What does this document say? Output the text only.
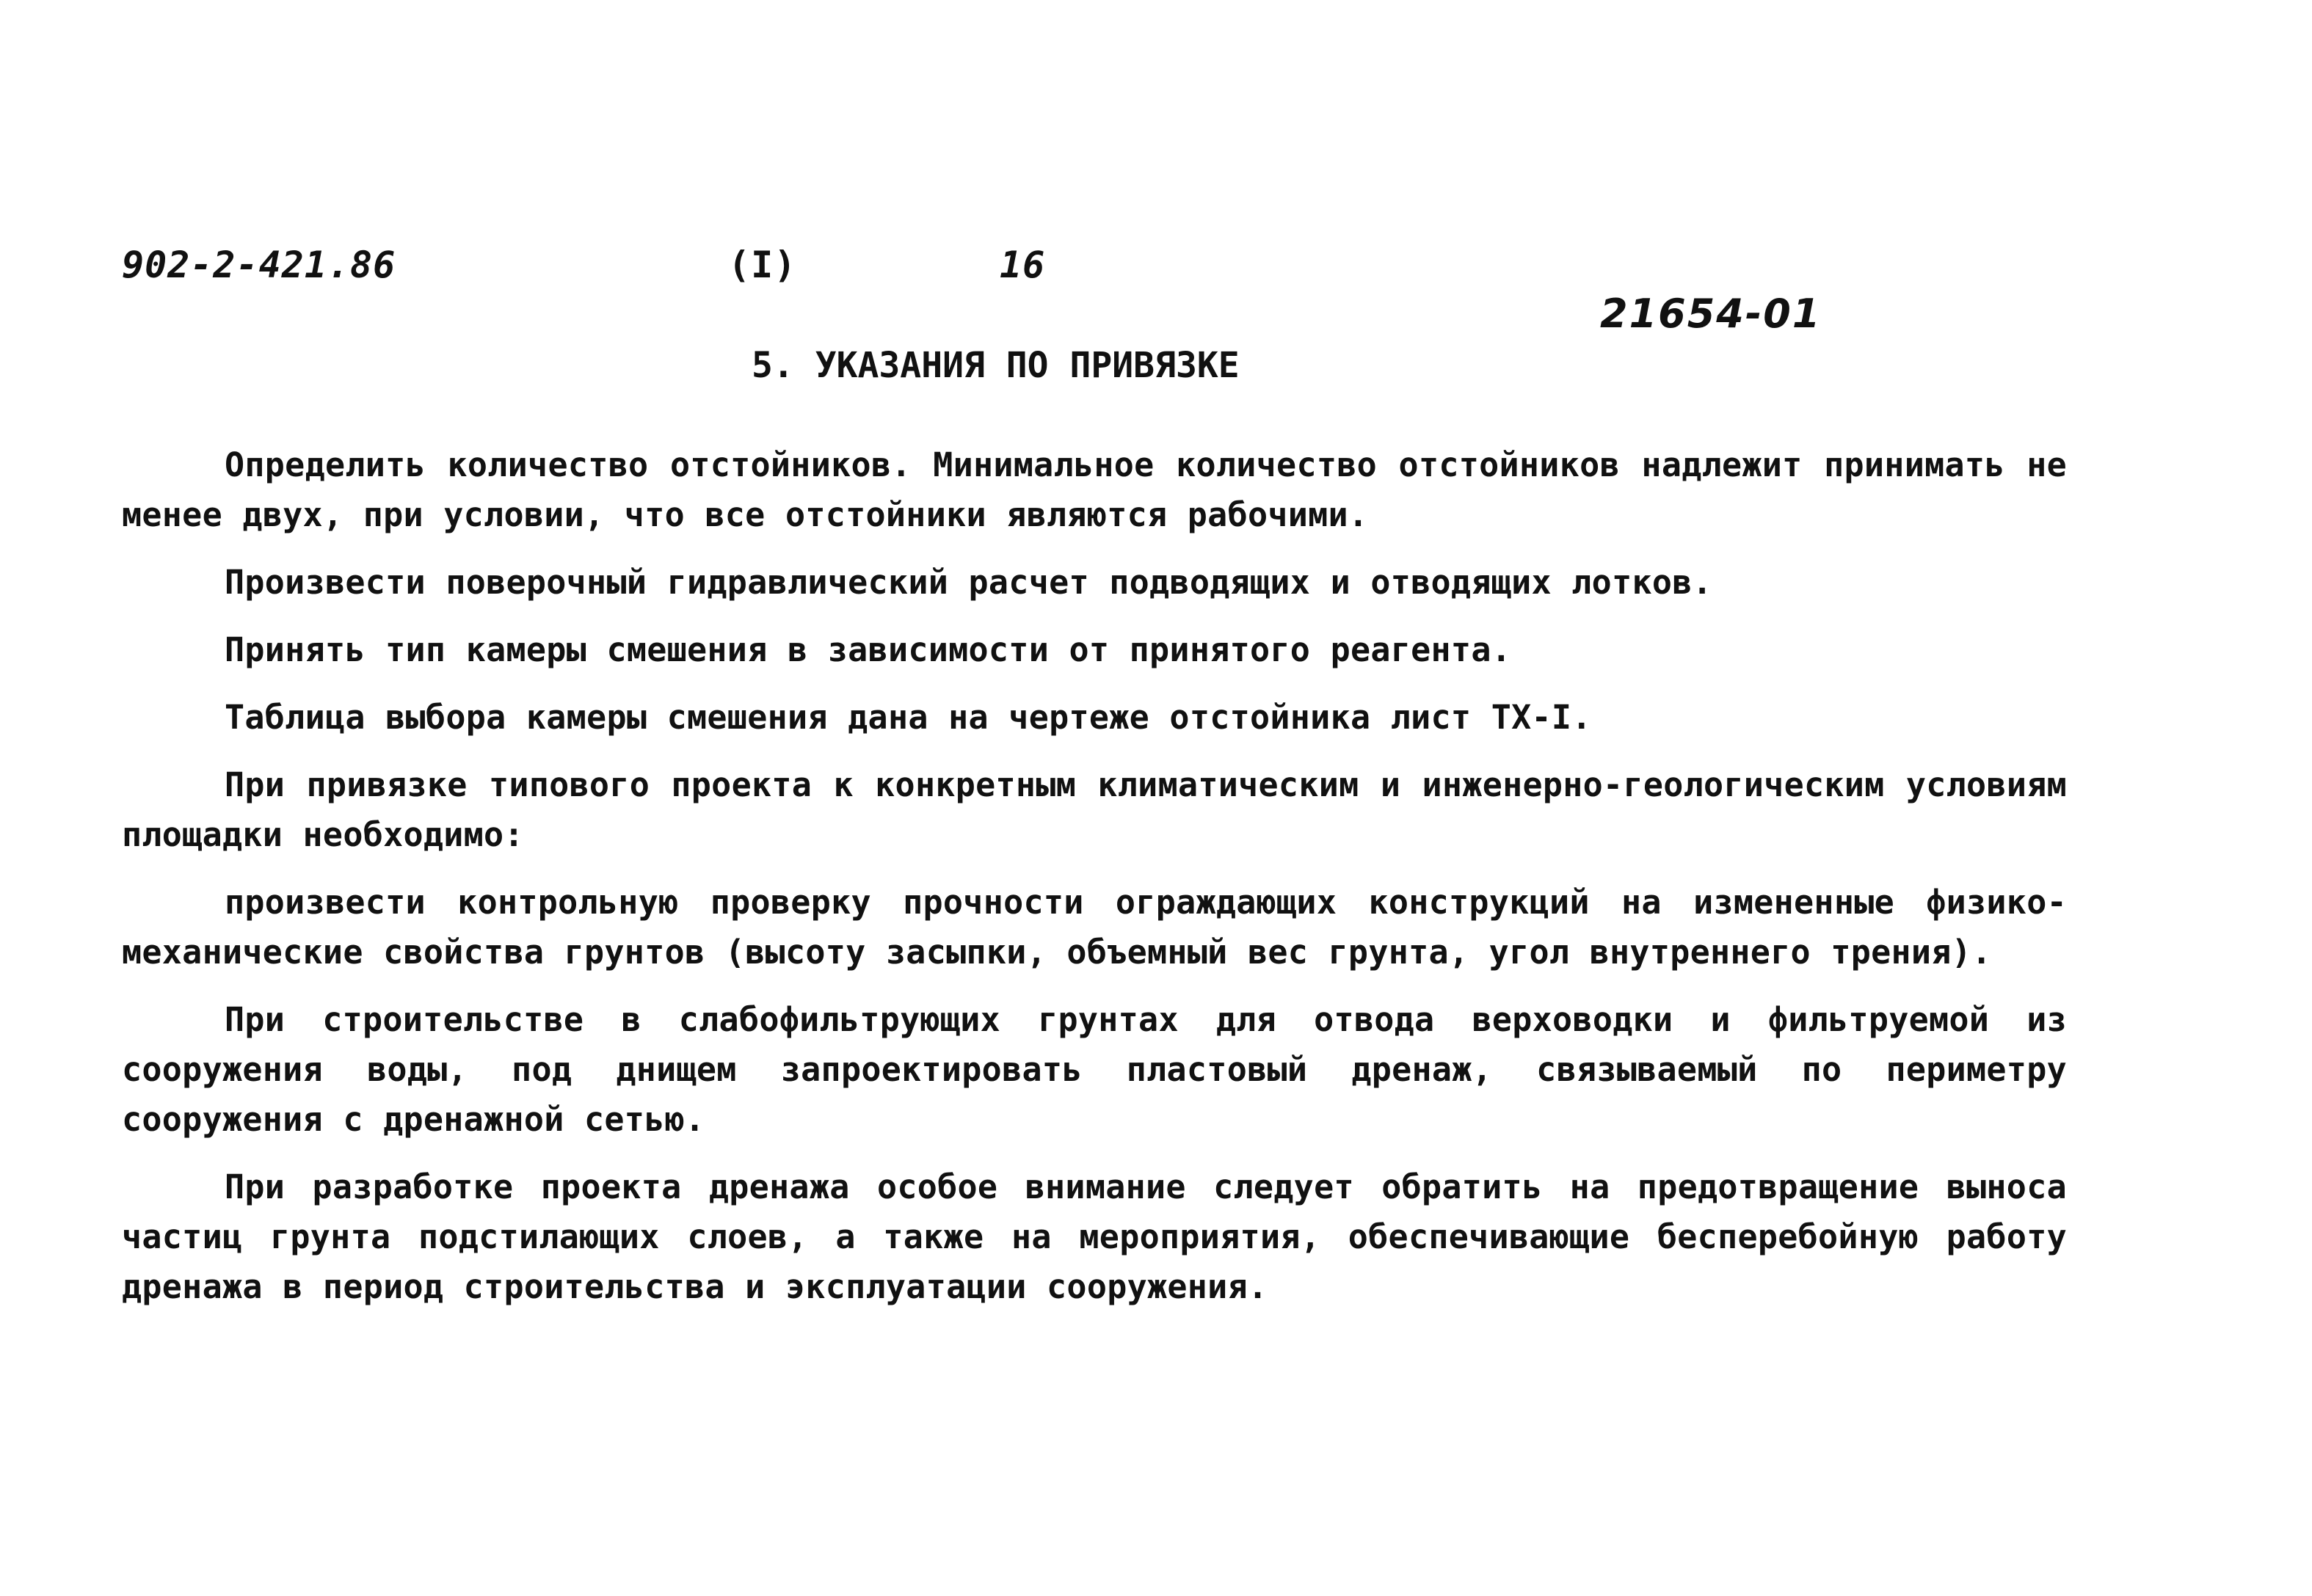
902-2-421.86	(I)	16
21654-01
5. УКАЗАНИЯ ПО ПРИВЯЗКЕ

Определить количество отстойников. Минимальное количество отстойников надлежит принимать не менее двух, при условии, что все отстойники являются рабочими.

Произвести поверочный гидравлический расчет подводящих и отводящих лотков.

Принять тип камеры смешения в зависимости от принятого реагента.

Таблица выбора камеры смешения дана на чертеже отстойника лист ТХ-I.

При привязке типового проекта к конкретным климатическим и инженерно-геологическим условиям площадки необходимо:

произвести контрольную проверку прочности ограждающих конструкций на измененные физико-механические свойства грунтов (высоту засыпки, объемный вес грунта, угол внутреннего трения).

При строительстве в слабофильтрующих грунтах для отвода верховодки и фильтруемой из сооружения воды, под днищем запроектировать пластовый дренаж, связываемый по периметру сооружения с дренажной сетью.

При разработке проекта дренажа особое внимание следует обратить на предотвращение выноса частиц грунта подстилающих слоев, а также на мероприятия, обеспечивающие бесперебойную работу дренажа в период строительства и эксплуатации сооружения.
